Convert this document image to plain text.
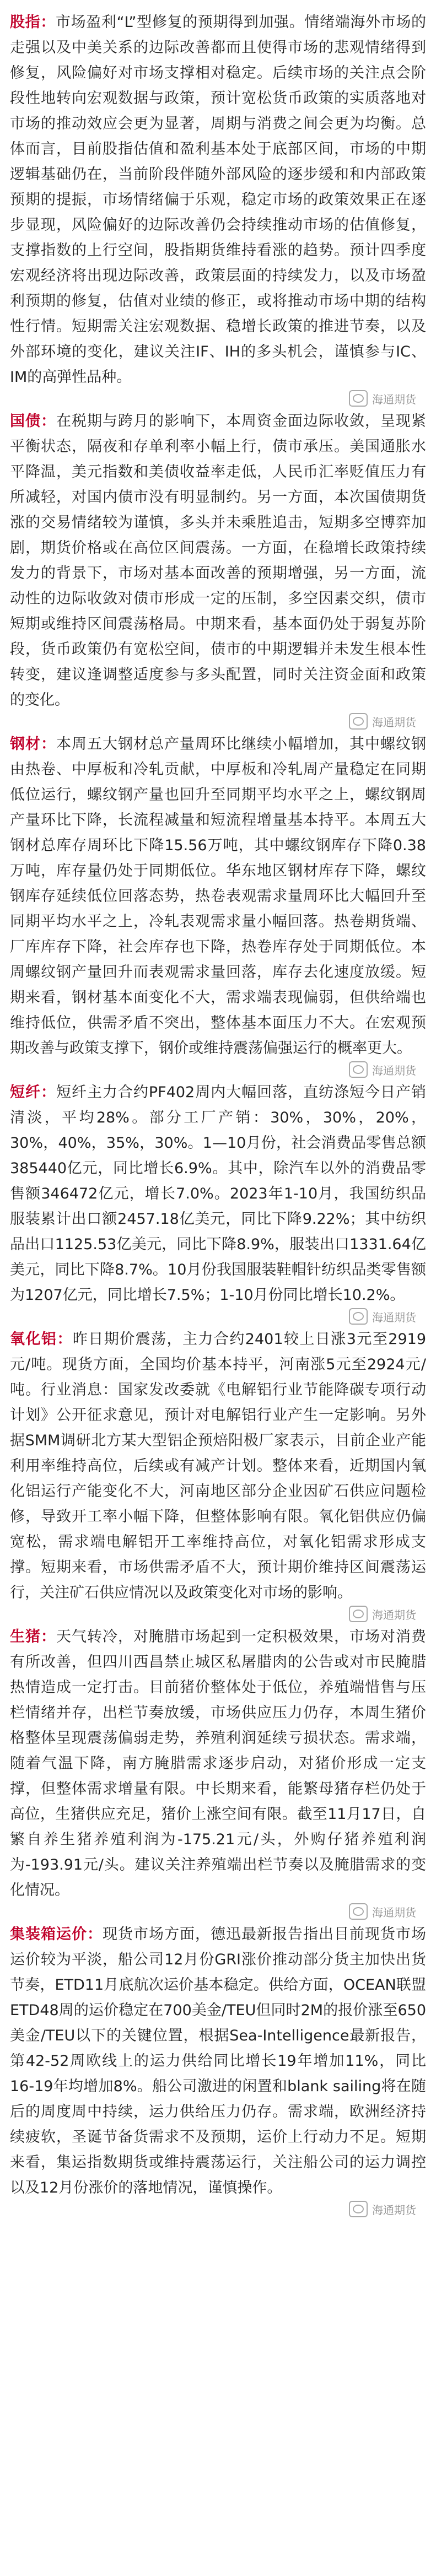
股指：市场盈利“L”型修复的预期得到加强。情绪端海外市场的走强以及中美关系的边际改善都而且使得市场的悲观情绪得到修复，风险偏好对市场支撑相对稳定。后续市场的关注点会阶段性地转向宏观数据与政策，预计宽松货币政策的实质落地对市场的推动效应会更为显著，周期与消费之间会更为均衡。总体而言，目前股指估值和盈利基本处于底部区间，市场的中期逻辑基础仍在，当前阶段伴随外部风险的逐步缓和和内部政策预期的提振，市场情绪偏于乐观，稳定市场的政策效果正在逐步显现，风险偏好的边际改善仍会持续推动市场的估值修复，支撑指数的上行空间，股指期货维持看涨的趋势。预计四季度宏观经济将出现边际改善，政策层面的持续发力，以及市场盈利预期的修复，估值对业绩的修正，或将推动市场中期的结构性行情。短期需关注宏观数据、稳增长政策的推进节奏，以及外部环境的变化，建议关注IF、IH的多头机会，谨慎参与IC、IM的高弹性品种。

海通期货

国债：在税期与跨月的影响下，本周资金面边际收敛，呈现紧平衡状态，隔夜和存单利率小幅上行，债市承压。美国通胀水平降温，美元指数和美债收益率走低，人民币汇率贬值压力有所减轻，对国内债市没有明显制约。另一方面，本次国债期货涨的交易情绪较为谨慎，多头并未乘胜追击，短期多空博弈加剧，期货价格或在高位区间震荡。一方面，在稳增长政策持续发力的背景下，市场对基本面改善的预期增强，另一方面，流动性的边际收敛对债市形成一定的压制，多空因素交织，债市短期或维持区间震荡格局。中期来看，基本面仍处于弱复苏阶段，货币政策仍有宽松空间，债市的中期逻辑并未发生根本性转变，建议逢调整适度参与多头配置，同时关注资金面和政策的变化。

海通期货

钢材：本周五大钢材总产量周环比继续小幅增加，其中螺纹钢由热卷、中厚板和冷轧贡献，中厚板和冷轧周产量稳定在同期低位运行，螺纹钢产量也回升至同期平均水平之上，螺纹钢周产量环比下降，长流程减量和短流程增量基本持平。本周五大钢材总库存周环比下降15.56万吨，其中螺纹钢库存下降0.38万吨，库存量仍处于同期低位。华东地区钢材库存下降，螺纹钢库存延续低位回落态势，热卷表观需求量周环比大幅回升至同期平均水平之上，冷轧表观需求量小幅回落。热卷期货端、厂库库存下降，社会库存也下降，热卷库存处于同期低位。本周螺纹钢产量回升而表观需求量回落，库存去化速度放缓。短期来看，钢材基本面变化不大，需求端表现偏弱，但供给端也维持低位，供需矛盾不突出，整体基本面压力不大。在宏观预期改善与政策支撑下，钢价或维持震荡偏强运行的概率更大。

海通期货

短纤：短纤主力合约PF402周内大幅回落，直纺涤短今日产销清淡，平均28%。部分工厂产销：30%，30%，20%，30%，40%，35%，30%。1—10月份，社会消费品零售总额385440亿元，同比增长6.9%。其中，除汽车以外的消费品零售额346472亿元，增长7.0%。2023年1-10月，我国纺织品服装累计出口额2457.18亿美元，同比下降9.22%；其中纺织品出口1125.53亿美元，同比下降8.9%，服装出口1331.64亿美元，同比下降8.7%。10月份我国服装鞋帽针纺织品类零售额为1207亿元，同比增长7.5%；1-10月份同比增长10.2%。

海通期货

氧化铝：昨日期价震荡，主力合约2401较上日涨3元至2919元/吨。现货方面，全国均价基本持平，河南涨5元至2924元/吨。行业消息：国家发改委就《电解铝行业节能降碳专项行动计划》公开征求意见，预计对电解铝行业产生一定影响。另外据SMM调研北方某大型铝企预焙阳极厂家表示，目前企业产能利用率维持高位，后续或有减产计划。整体来看，近期国内氧化铝运行产能变化不大，河南地区部分企业因矿石供应问题检修，导致开工率小幅下降，但整体影响有限。氧化铝供应仍偏宽松，需求端电解铝开工率维持高位，对氧化铝需求形成支撑。短期来看，市场供需矛盾不大，预计期价维持区间震荡运行，关注矿石供应情况以及政策变化对市场的影响。

海通期货

生猪：天气转冷，对腌腊市场起到一定积极效果，市场对消费有所改善，但四川西昌禁止城区私屠腊肉的公告或对市民腌腊热情造成一定打击。目前猪价整体处于低位，养殖端惜售与压栏情绪并存，出栏节奏放缓，市场供应压力仍存，本周生猪价格整体呈现震荡偏弱走势，养殖利润延续亏损状态。需求端，随着气温下降，南方腌腊需求逐步启动，对猪价形成一定支撑，但整体需求增量有限。中长期来看，能繁母猪存栏仍处于高位，生猪供应充足，猪价上涨空间有限。截至11月17日，自繁自养生猪养殖利润为-175.21元/头，外购仔猪养殖利润为-193.91元/头。建议关注养殖端出栏节奏以及腌腊需求的变化情况。

海通期货

集装箱运价：现货市场方面，德迅最新报告指出目前现货市场运价较为平淡，船公司12月份GRI涨价推动部分货主加快出货节奏，ETD11月底航次运价基本稳定。供给方面，OCEAN联盟ETD48周的运价稳定在700美金/TEU但同时2M的报价涨至650美金/TEU以下的关键位置，根据Sea-Intelligence最新报告，第42-52周欧线上的运力供给同比增长19年增加11%，同比16-19年均增加8%。船公司激进的闲置和blank sailing将在随后的周度周中持续，运力供给压力仍存。需求端，欧洲经济持续疲软，圣诞节备货需求不及预期，运价上行动力不足。短期来看，集运指数期货或维持震荡运行，关注船公司的运力调控以及12月份涨价的落地情况，谨慎操作。

海通期货
